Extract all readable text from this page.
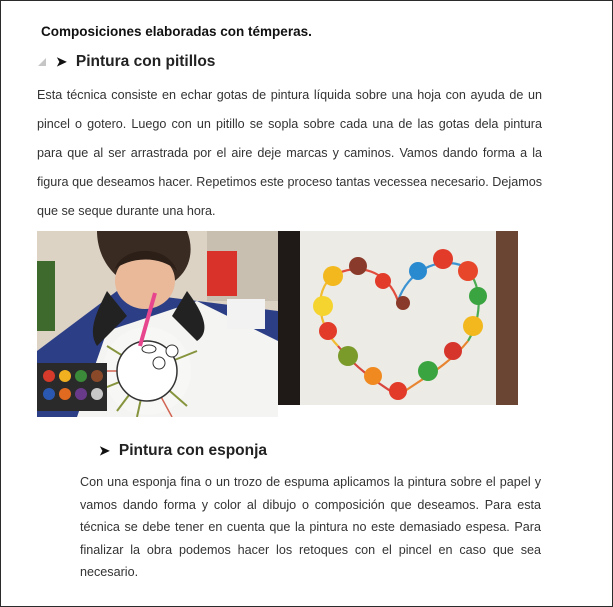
Composiciones elaboradas con témperas.
➤ Pintura con pitillos
Esta técnica consiste en echar gotas de pintura líquida sobre una hoja con ayuda de un pincel o gotero. Luego con un pitillo se sopla sobre cada una de las gotas dela pintura para que al ser arrastrada por el aire deje marcas y caminos. Vamos dando forma a la figura que deseamos hacer. Repetimos este proceso tantas vecessea necesario. Dejamos que se seque durante una hora.
➤ Pintura con esponja
Con una esponja fina o un trozo de espuma aplicamos la pintura sobre el papel y vamos dando forma y color al dibujo o composición que deseamos. Para esta técnica se debe tener en cuenta que la pintura no este demasiado espesa. Para finalizar la obra podemos hacer los retoques con el pincel en caso que sea necesario.
